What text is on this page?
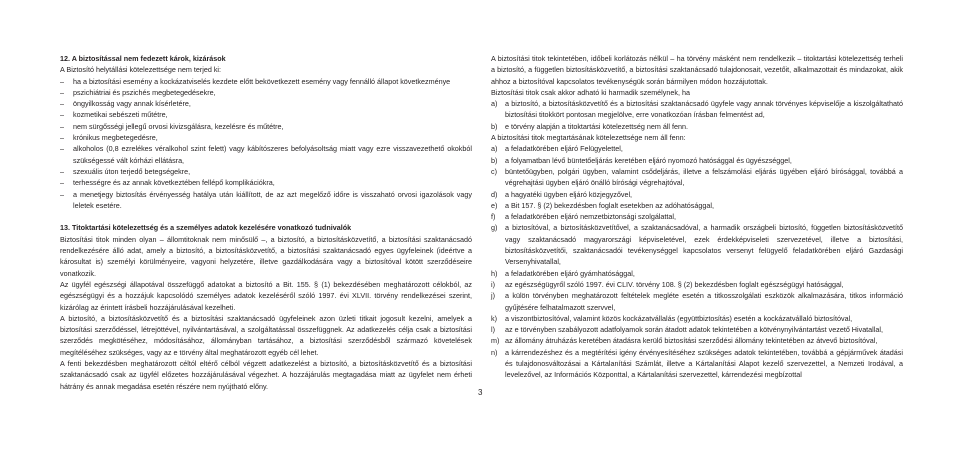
12. A biztosítással nem fedezett károk, kizárások

A Biztosító helytállási kötelezettsége nem terjed ki:

–	ha a biztosítási esemény a kockázatviselés kezdete előtt bekövetkezett esemény vagy fennálló állapot következménye
–	pszichiátriai és pszichés megbetegedésekre,
–	öngyilkosság vagy annak kísérletére,
–	kozmetikai sebészeti műtétre,
–	nem sürgősségi jellegű orvosi kivizsgálásra, kezelésre és műtétre,
–	krónikus megbetegedésre,
–	alkoholos (0,8 ezrelékes véralkohol szint felett) vagy kábítószeres befolyásoltság miatt vagy ezre visszavezethető okokból szükségessé vált kórházi ellátásra,
–	szexuális úton terjedő betegségekre,
–	terhességre és az annak következtében fellépő komplikációkra,
–	a menetjegy biztosítás érvényesség hatálya után kiállított, de az azt megelőző időre is visszaható orvosi igazolások vagy leletek esetére.

13. Titoktartási kötelezettség és a személyes adatok kezelésére vonatkozó tudnivalók

Biztosítási titok minden olyan – állomtitoknak nem minősülő –, a biztosító, a biztosításközvetítő, a biztosítási szaktanácsadó rendelkezésére álló adat, amely a biztosító, a biztosításközvetítő, a biztosítási szaktanácsadó egyes ügyfeleinek (ideértve a károsultat is) személyi körülményeire, vagyoni helyzetére, illetve gazdálkodására vagy a biztosítóval kötött szerződéseire vonatkozik.

Az ügyfél egészségi állapotával összefüggő adatokat a biztosító a Bit. 155. § (1) bekezdésében meghatározott célokból, az egészségügyi és a hozzájuk kapcsolódó személyes adatok kezeléséről szóló 1997. évi XLVII. törvény rendelkezései szerint, kizárólag az érintett írásbeli hozzájárulásával kezelheti.

A biztosító, a biztosításközvetítő és a biztosítási szaktanácsadó ügyfeleinek azon üzleti titkait jogosult kezelni, amelyek a biztosítási szerződéssel, létrejöttével, nyilvántartásával, a szolgáltatással összefüggnek. Az adatkezelés célja csak a biztosítási szerződés megkötéséhez, módosításához, állományban tartásához, a biztosítási szerződésből származó követelések megítéléséhez szükséges, vagy az e törvény által meghatározott egyéb cél lehet.

A fenti bekezdésben meghatározott céltól eltérő célból végzett adatkezelést a biztosító, a biztosításközvetítő és a biztosítási szaktanácsadó csak az ügyfél előzetes hozzájárulásával végezhet. A hozzájárulás megtagadása miatt az ügyfelet nem érheti hátrány és annak megadása esetén részére nem nyújtható előny.

A biztosítási titok tekintetében, időbeli korlátozás nélkül – ha törvény másként nem rendelkezik – titoktartási kötelezettség terheli a biztosító, a független biztosításközvetítő, a biztosítási szaktanácsadó tulajdonosait, vezetőit, alkalmazottait és mindazokat, akik ahhoz a biztosítóval kapcsolatos tevékenységük során bármilyen módon hozzájutottak.

Biztosítási titok csak akkor adható ki harmadik személynek, ha

a)	a biztosító, a biztosításközvetítő és a biztosítási szaktanácsadó ügyfele vagy annak törvényes képviselője a kiszolgáltatható biztosítási titokkört pontosan megjelölve, erre vonatkozóan írásban felmentést ad,
b)	e törvény alapján a titoktartási kötelezettség nem áll fenn.

A biztosítási titok megtartásának kötelezettsége nem áll fenn:

a)	a feladatkörében eljáró Felügyelettel,
b)	a folyamatban lévő büntetőeljárás keretében eljáró nyomozó hatósággal és ügyészséggel,
c)	büntetőügyben, polgári ügyben, valamint csődeljárás, illetve a felszámolási eljárás ügyében eljáró bírósággal, továbbá a végrehajtási ügyben eljáró önálló bírósági végrehajtóval,
d)	a hagyatéki ügyben eljáró közjegyzővel,
e)	a Bit 157. § (2) bekezdésben foglalt esetekben az adóhatósággal,
f)	a feladatkörében eljáró nemzetbiztonsági szolgálattal,
g)	a biztosítóval, a biztosításközvetítővel, a szaktanácsadóval, a harmadik országbeli biztosító, független biztosításközvetítő vagy szaktanácsadó magyarországi képviseletével, ezek érdekképviseleti szervezetével, illetve a biztosítási, biztosításközvetítői, szaktanácsadói tevékenységgel kapcsolatos versenyt felügyelő feladatkörében eljáró Gazdasági Versenyhivatallal,
h)	a feladatkörében eljáró gyámhatósággal,
i)	az egészségügyről szóló 1997. évi CLIV. törvény 108. § (2) bekezdésben foglalt egészségügyi hatósággal,
j)	a külön törvényben meghatározott feltételek meglétе esetén a titkosszolgálati eszközök alkalmazására, titkos információ gyűjtésére felhatalmazott szervvel,
k)	a viszontbiztosítóval, valamint közös kockázatvállalás (együttbiztosítás) esetén a kockázatvállaló biztosítóval,
l)	az e törvényben szabályozott adatfolyamok során átadott adatok tekintetében a kötvénynyilvántartást vezető Hivatallal,
m) az állomány átruházás keretében átadásra kerülő biztosítási szerződési állomány tekintetében az átvevő biztosítóval,
n)	a kárrendezéshez és a megtérítési igény érvényesítéséhez szükséges adatok tekintetében, továbbá a gépjárművek átadási és tulajdonosváltozásai a Kártalanítási Számlát, illetve a Kártalanítási Alapot kezelő szervezettel, a Nemzeti Irodával, a levelezővel, az Információs Központtal, a Kártalanítási szervezettel, kárrendezési megbízottal
3
